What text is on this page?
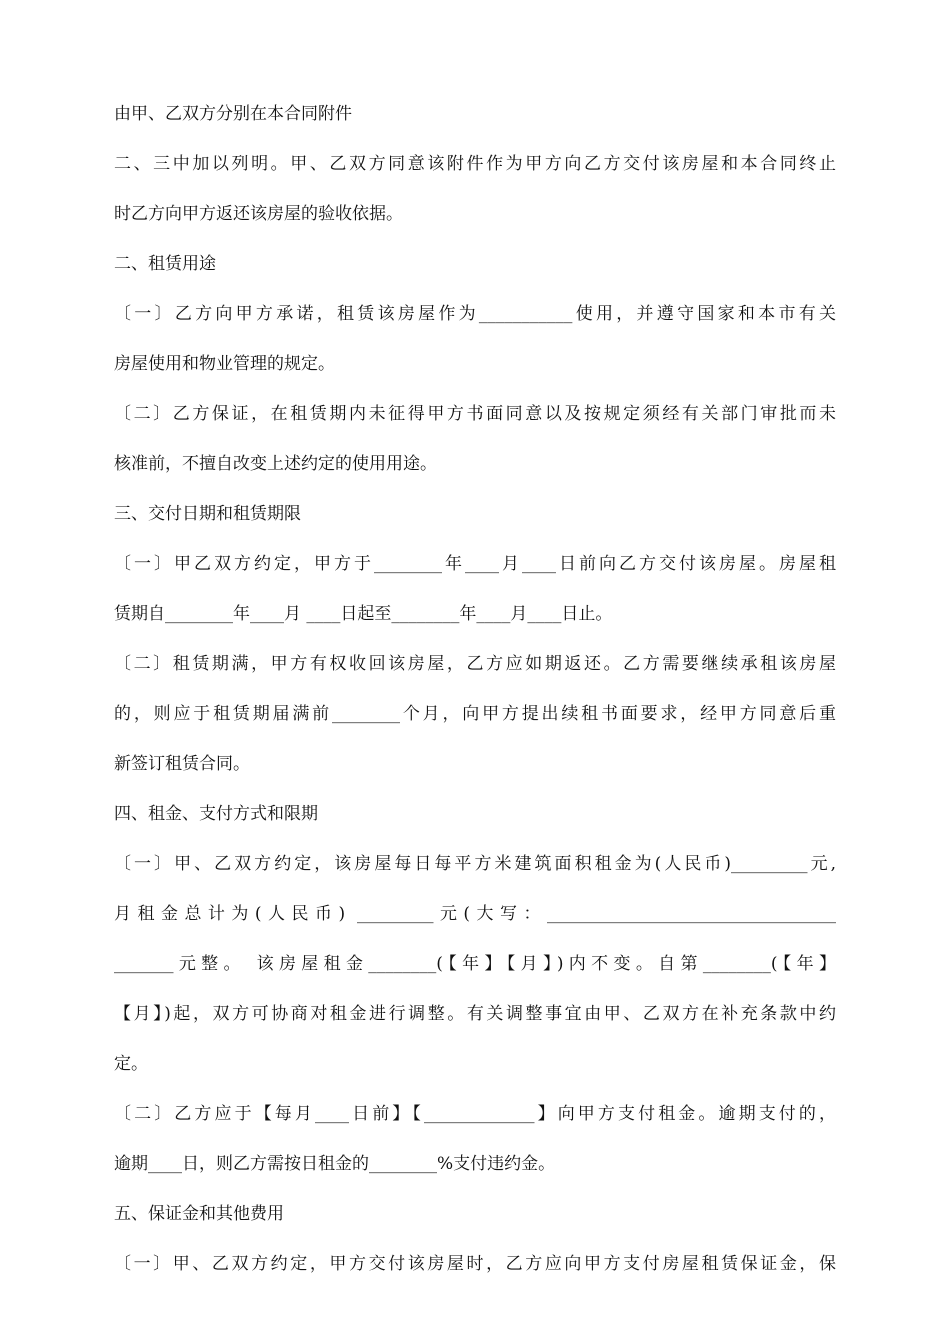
由甲、乙双方分别在本合同附件

二、三中加以列明。甲、乙双方同意该附件作为甲方向乙方交付该房屋和本合同终止

时乙方向甲方返还该房屋的验收依据。

二、租赁用途

〔一〕乙方向甲方承诺，租赁该房屋作为___________使用，并遵守国家和本市有关

房屋使用和物业管理的规定。

〔二〕乙方保证，在租赁期内未征得甲方书面同意以及按规定须经有关部门审批而未

核准前，不擅自改变上述约定的使用用途。

三、交付日期和租赁期限

〔一〕甲乙双方约定，甲方于________年____月____日前向乙方交付该房屋。房屋租

赁期自________年____月 ____日起至________年____月____日止。

〔二〕租赁期满，甲方有权收回该房屋，乙方应如期返还。乙方需要继续承租该房屋

的，则应于租赁期届满前________个月，向甲方提出续租书面要求，经甲方同意后重

新签订租赁合同。

四、租金、支付方式和限期

〔一〕甲、乙双方约定，该房屋每日每平方米建筑面积租金为(人民币)_________元,

月租金总计为(人民币) _________元(大写：__________________________________

_______元整。 该房屋租金________(【年】【月】)内不变。自第________(【年】

【月】)起，双方可协商对租金进行调整。有关调整事宜由甲、乙双方在补充条款中约

定。

〔二〕乙方应于【每月____日前】【_____________】向甲方支付租金。逾期支付的，

逾期____日，则乙方需按日租金的________%支付违约金。

五、保证金和其他费用

〔一〕甲、乙双方约定，甲方交付该房屋时，乙方应向甲方支付房屋租赁保证金，保
